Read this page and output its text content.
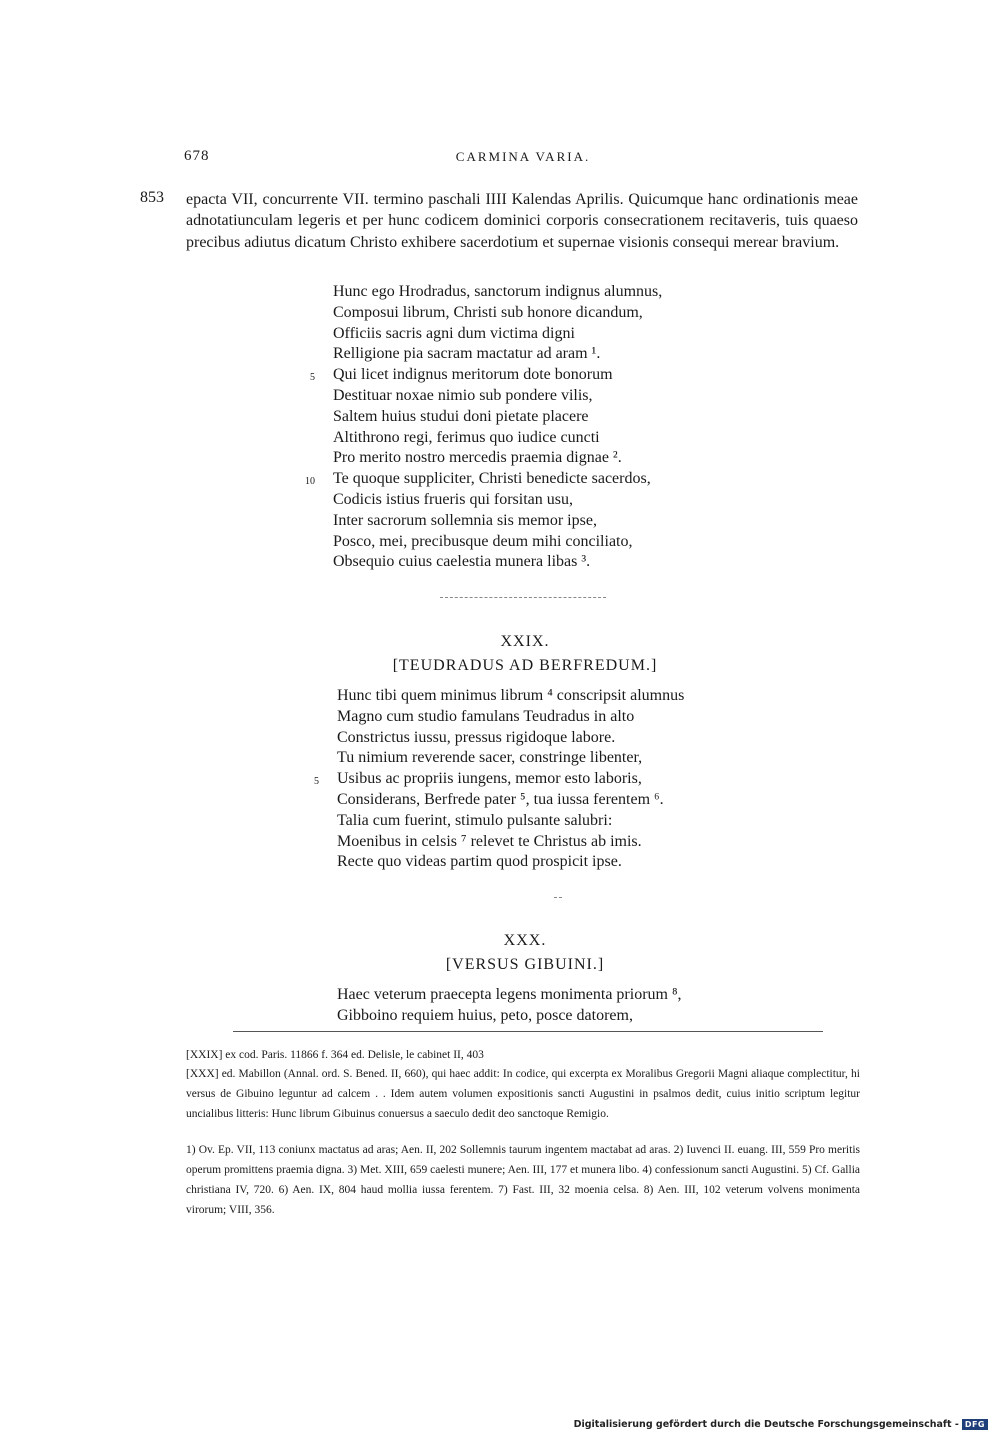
678	CARMINA VARIA.
853 epacta VII, concurrente VII. termino paschali IIII Kalendas Aprilis. Quicumque hanc ordinationis meae adnotatiunculam legeris et per hunc codicem dominici corporis consecrationem recitaveris, tuis quaeso precibus adiutus dicatum Christo exhibere sacerdotium et supernae visionis consequi merear bravium.
Hunc ego Hrodradus, sanctorum indignus alumnus,
Composui librum, Christi sub honore dicandum,
Officiis sacris agni dum victima digni
Relligione pia sacram mactatur ad aram ¹.
5 Qui licet indignus meritorum dote bonorum
Destituar noxae nimio sub pondere vilis,
Saltem huius studui doni pietate placere
Altithrono regi, ferimus quo iudice cuncti
Pro merito nostro mercedis praemia dignae ².
10 Te quoque suppliciter, Christi benedicte sacerdos,
Codicis istius frueris qui forsitan usu,
Inter sacrorum sollemnia sis memor ipse,
Posco, mei, precibusque deum mihi conciliato,
Obsequio cuius caelestia munera libas ³.
XXIX.
[TEUDRADUS AD BERFREDUM.]
Hunc tibi quem minimus librum ⁴ conscripsit alumnus
Magno cum studio famulans Teudradus in alto
Constrictus iussu, pressus rigidoque labore.
Tu nimium reverende sacer, constringe libenter,
5 Usibus ac propriis iungens, memor esto laboris,
Considerans, Berfrede pater ⁵, tua iussa ferentem ⁶.
Talia cum fuerint, stimulo pulsante salubri:
Moenibus in celsis ⁷ relevet te Christus ab imis.
Recte quo videas partim quod prospicit ipse.
XXX.
[VERSUS GIBUINI.]
Haec veterum praecepta legens monimenta priorum ⁸,
Gibboino requiem huius, peto, posce datorem,
[XXIX] ex cod. Paris. 11866 f. 364 ed. Delisle, le cabinet II, 403
[XXX] ed. Mabillon (Annal. ord. S. Bened. II, 660), qui haec addit: In codice, qui excerpta ex Moralibus Gregorii Magni aliaque complectitur, hi versus de Gibuino leguntur ad calcem . . Idem autem volumen expositionis sancti Augustini in psalmos dedit, cuius initio scriptum legitur uncialibus litteris: Hunc librum Gibuinus conuersus a saeculo dedit deo sanctoque Remigio.
1) Ov. Ep. VII, 113 coniunx mactatus ad aras; Aen. II, 202 Sollemnis taurum ingentem mactabat ad aras. 2) Iuvenci II. euang. III, 559 Pro meritis operum promittens praemia digna. 3) Met. XIII, 659 caelesti munere; Aen. III, 177 et munera libo. 4) confessionum sancti Augustini. 5) Cf. Gallia christiana IV, 720. 6) Aen. IX, 804 haud mollia iussa ferentem. 7) Fast. III, 32 moenia celsa. 8) Aen. III, 102 veterum volvens monimenta virorum; VIII, 356.
Digitalisierung gefördert durch die Deutsche Forschungsgemeinschaft - DFG
